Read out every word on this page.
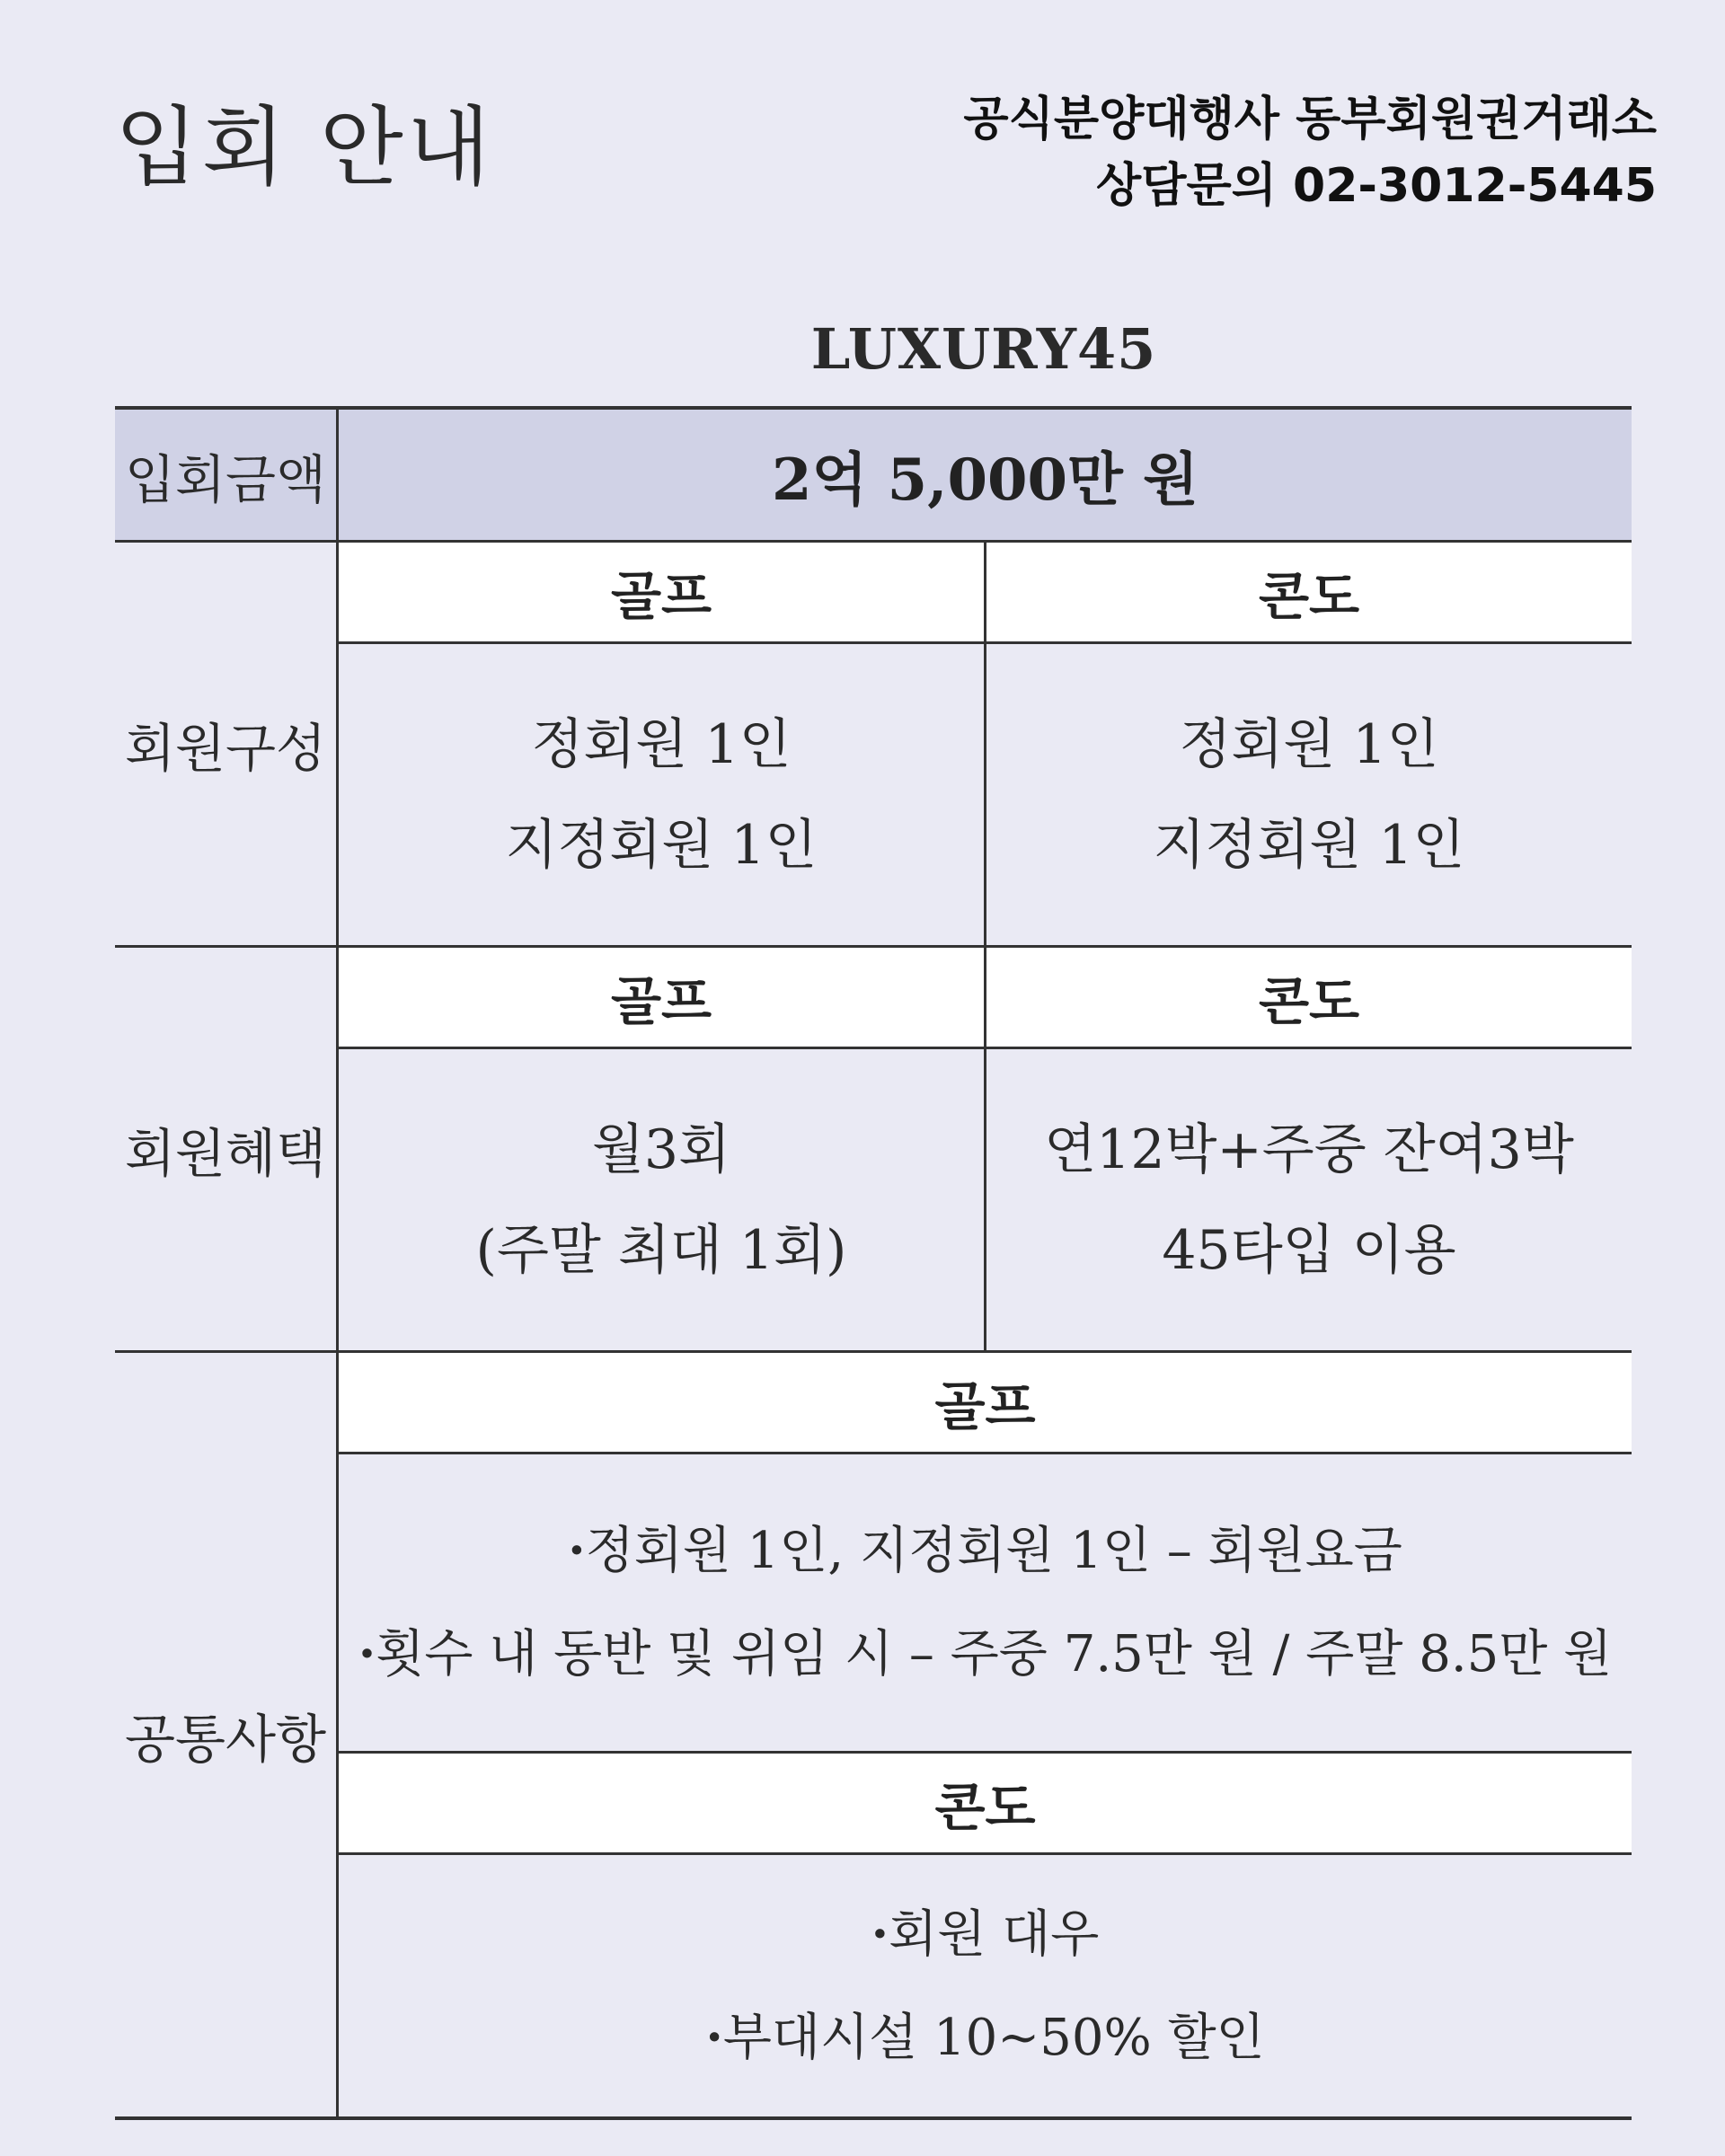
입회 안내	공식분양대행사 동부회원권거래소
상담문의 02-3012-5445
LUXURY45
입회금액	2억 5,000만 원
회원구성
골프
정회원 1인
지정회원 1인
콘도
정회원 1인
지정회원 1인
회원혜택
골프
월3회
(주말 최대 1회)
콘도
연12박+주중 잔여3박
45타입 이용
공통사항
골프
· 정회원 1인, 지정회원 1인 – 회원요금
· 횟수 내 동반 및 위임 시 – 주중 7.5만 원 / 주말 8.5만 원
콘도
· 회원 대우
· 부대시설 10~50% 할인
